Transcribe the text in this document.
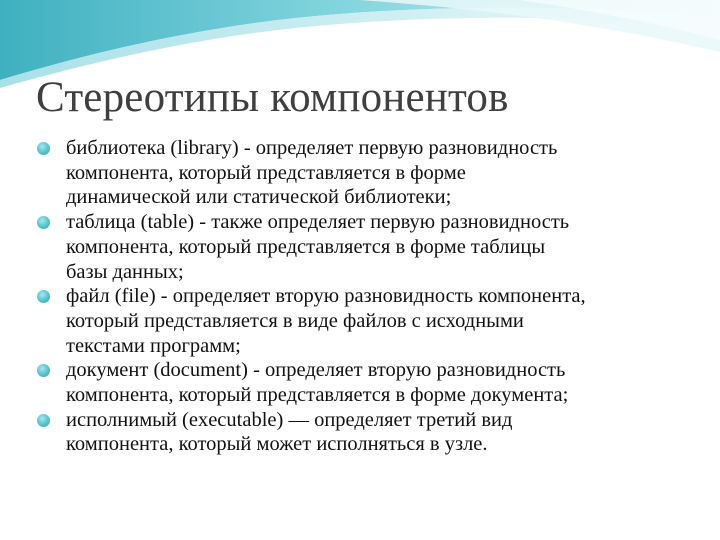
Стереотипы компонентов
библиотека (library) - определяет первую разновидность
компонента, который представляется в форме
динамической или статической библиотеки;
таблица (table) - также определяет первую разновидность
компонента, который представляется в форме таблицы
базы данных;
файл (file) - определяет вторую разновидность компонента,
который представляется в виде файлов с исходными
текстами программ;
документ (document) - определяет вторую разновидность
компонента, который представляется в форме документа;
исполнимый (executable) — определяет третий вид
компонента, который может исполняться в узле.
